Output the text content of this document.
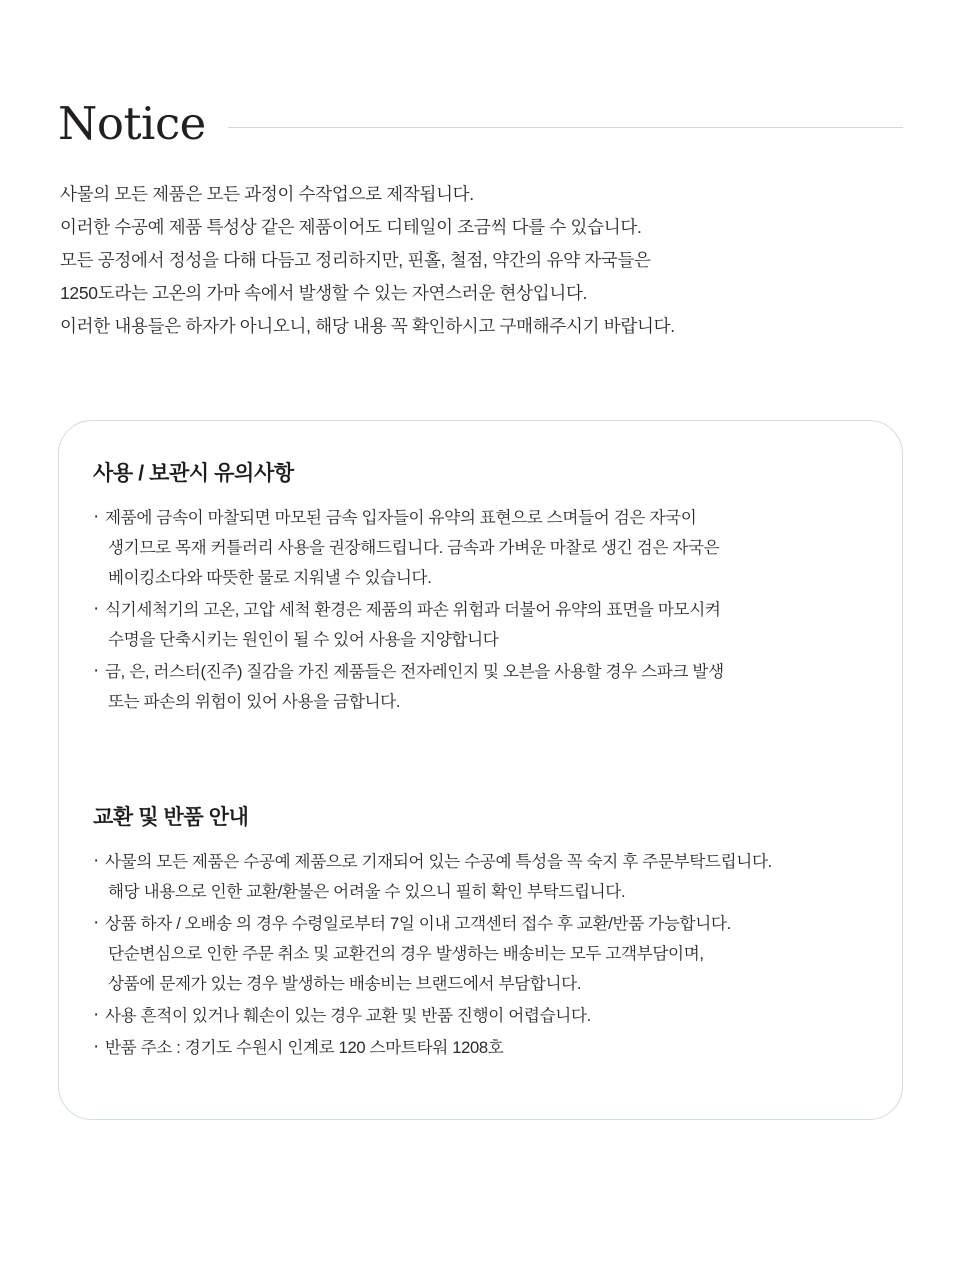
Notice

사물의 모든 제품은 모든 과정이 수작업으로 제작됩니다.

이러한 수공예 제품 특성상 같은 제품이어도 디테일이 조금씩 다를 수 있습니다.

모든 공정에서 정성을 다해 다듬고 정리하지만, 핀홀, 철점, 약간의 유약 자국들은

1250도라는 고온의 가마 속에서 발생할 수 있는 자연스러운 현상입니다.

이러한 내용들은 하자가 아니오니, 해당 내용 꼭 확인하시고 구매해주시기 바랍니다.

사용 / 보관시 유의사항
· 제품에 금속이 마찰되면 마모된 금속 입자들이 유약의 표현으로 스며들어 검은 자국이
생기므로 목재 커틀러리 사용을 권장해드립니다. 금속과 가벼운 마찰로 생긴 검은 자국은
베이킹소다와 따뜻한 물로 지워낼 수 있습니다.
· 식기세척기의 고온, 고압 세척 환경은 제품의 파손 위험과 더불어 유약의 표면을 마모시켜
수명을 단축시키는 원인이 될 수 있어 사용을 지양합니다
· 금, 은, 러스터(진주) 질감을 가진 제품들은 전자레인지 및 오븐을 사용할 경우 스파크 발생
또는 파손의 위험이 있어 사용을 금합니다.
교환 및 반품 안내
· 사물의 모든 제품은 수공예 제품으로 기재되어 있는 수공예 특성을 꼭 숙지 후 주문부탁드립니다.
해당 내용으로 인한 교환/환불은 어려울 수 있으니 필히 확인 부탁드립니다.
· 상품 하자 / 오배송 의 경우 수령일로부터 7일 이내 고객센터 접수 후 교환/반품 가능합니다.
단순변심으로 인한 주문 취소 및 교환건의 경우 발생하는 배송비는 모두 고객부담이며,
상품에 문제가 있는 경우 발생하는 배송비는 브랜드에서 부담합니다.
· 사용 흔적이 있거나 훼손이 있는 경우 교환 및 반품 진행이 어렵습니다.
· 반품 주소 : 경기도 수원시 인계로 120 스마트타워 1208호
